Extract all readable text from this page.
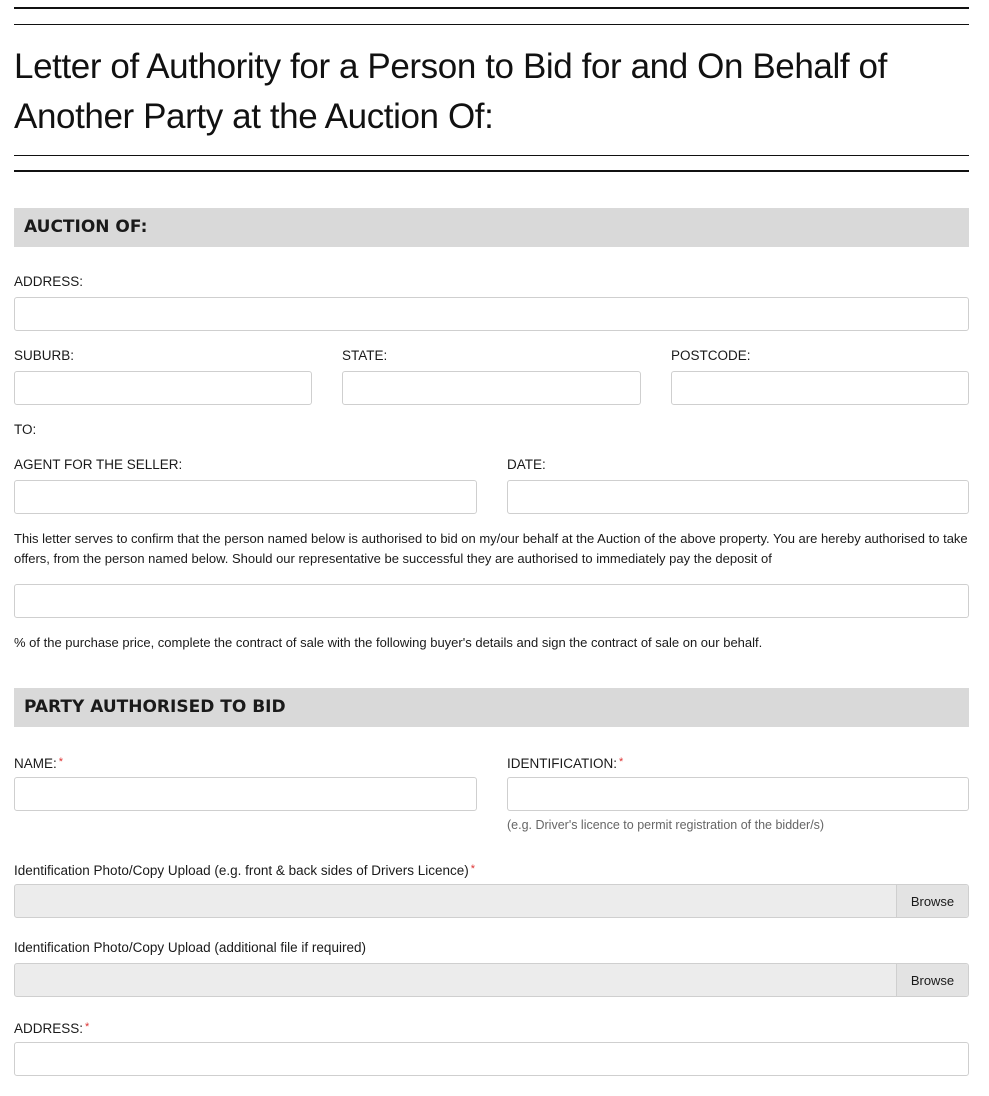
Letter of Authority for a Person to Bid for and On Behalf of Another Party at the Auction Of:
AUCTION OF:
ADDRESS:
SUBURB:	STATE:	POSTCODE:
TO:
AGENT FOR THE SELLER:	DATE:
This letter serves to confirm that the person named below is authorised to bid on my/our behalf at the Auction of the above property. You are hereby authorised to take offers, from the person named below. Should our representative be successful they are authorised to immediately pay the deposit of
% of the purchase price, complete the contract of sale with the following buyer's details and sign the contract of sale on our behalf.
PARTY AUTHORISED TO BID
NAME: *	IDENTIFICATION: *
(e.g. Driver's licence to permit registration of the bidder/s)
Identification Photo/Copy Upload (e.g. front & back sides of Drivers Licence) *
Browse
Identification Photo/Copy Upload (additional file if required)
Browse
ADDRESS: *
